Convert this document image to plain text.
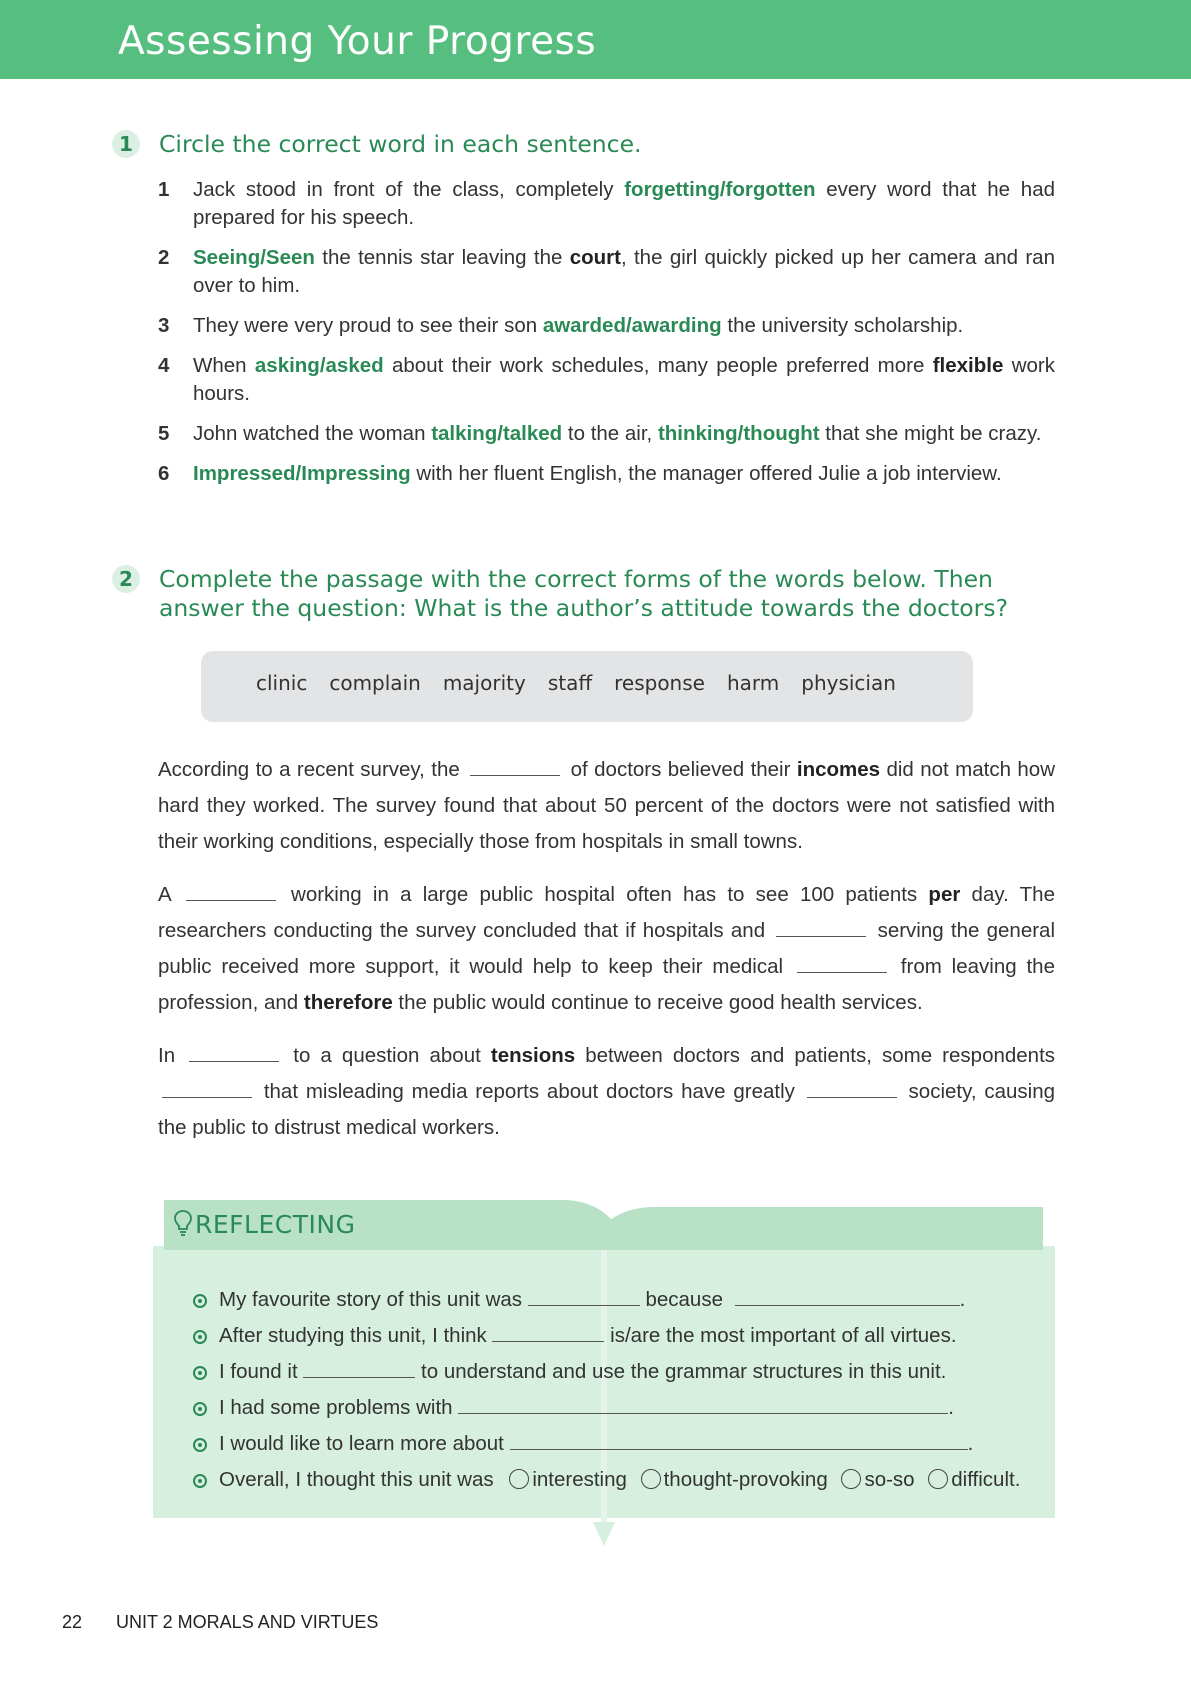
Assessing Your Progress
1 Circle the correct word in each sentence.
1 Jack stood in front of the class, completely forgetting/forgotten every word that he had prepared for his speech.
2 Seeing/Seen the tennis star leaving the court, the girl quickly picked up her camera and ran over to him.
3 They were very proud to see their son awarded/awarding the university scholarship.
4 When asking/asked about their work schedules, many people preferred more flexible work hours.
5 John watched the woman talking/talked to the air, thinking/thought that she might be crazy.
6 Impressed/Impressing with her fluent English, the manager offered Julie a job interview.
2 Complete the passage with the correct forms of the words below. Then
answer the question: What is the author’s attitude towards the doctors?
clinic complain majority staff response harm physician
According to a recent survey, the	of doctors believed their incomes did not match how hard they worked. The survey found that about 50 percent of the doctors were not satisfied with their working conditions, especially those from hospitals in small towns.
A	working in a large public hospital often has to see 100 patients per day. The researchers conducting the survey concluded that if hospitals and	serving the general public received more support, it would help to keep their medical	from leaving the profession, and therefore the public would continue to receive good health services.
In	to a question about tensions between doctors and patients, some respondents  that misleading media reports about doctors have greatly	society, causing the public to distrust medical workers.
REFLECTING
My favourite story of this unit was	because	.
After studying this unit, I think	is/are the most important of all virtues.
I found it	to understand and use the grammar structures in this unit.
I had some problems with	.
I would like to learn more about	.
Overall, I thought this unit was interesting thought-provoking so-so difficult.
22 UNIT 2 MORALS AND VIRTUES
